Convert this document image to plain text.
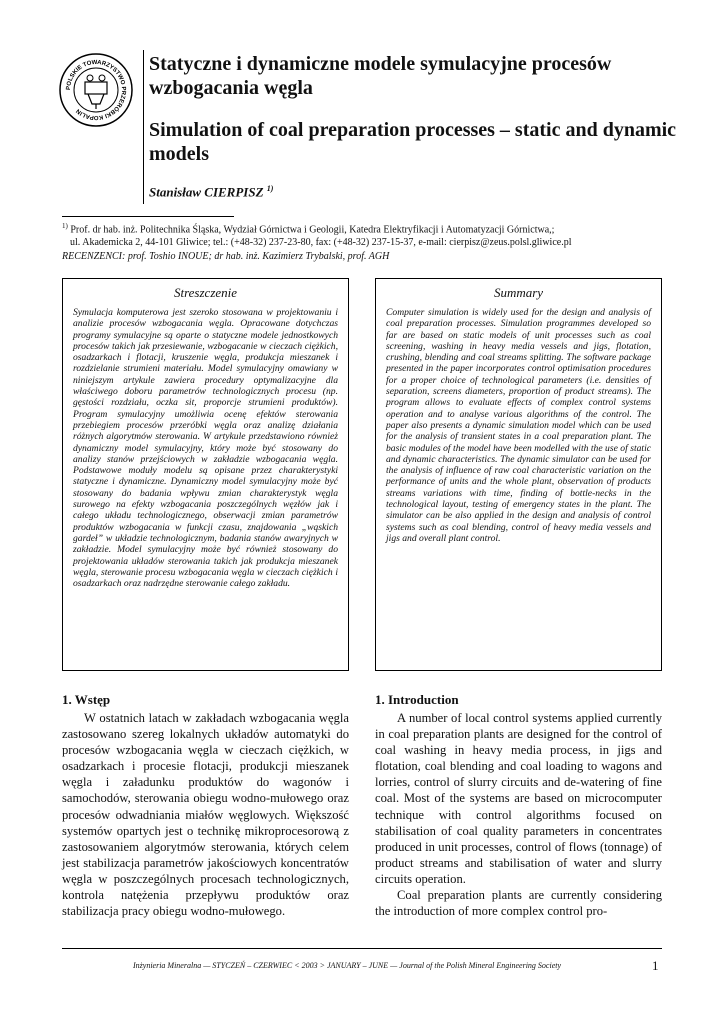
POLSKIE TOWARZYSTWO PRZERÓBKI KOPALIN
Statyczne i dynamiczne modele symulacyjne procesów wzbogacania węgla
Simulation of coal preparation processes – static and dynamic models
Stanisław CIERPISZ $^{1)}$
$^{1)}$ Prof. dr hab. inż. Politechnika Śląska, Wydział Górnictwa i Geologii, Katedra Elektryfikacji i Automatyzacji Górnictwa,;
ul. Akademicka 2, 44-101 Gliwice; tel.: (+48-32) 237-23-80, fax: (+48-32) 237-15-37, e-mail: cierpisz@zeus.polsl.gliwice.pl
RECENZENCI: prof. Toshio INOUE; dr hab. inż. Kazimierz Trybalski, prof. AGH
Streszczenie

Symulacja komputerowa jest szeroko stosowana w projektowaniu i analizie procesów wzbogacania węgla. Opracowane dotychczas programy symulacyjne są oparte o statyczne modele jednostkowych procesów takich jak przesiewanie, wzbogacanie w cieczach ciężkich, osadzarkach i flotacji, kruszenie węgla, produkcja mieszanek i rozdzielanie strumieni materiału. Model symulacyjny omawiany w niniejszym artykule zawiera procedury optymalizacyjne dla właściwego doboru parametrów technologicznych procesu (np. gęstości rozdziału, oczka sit, proporcje strumieni produktów). Program symulacyjny umożliwia ocenę efektów sterowania przebiegiem procesów przeróbki węgla oraz analizę działania różnych algorytmów sterowania. W artykule przedstawiono również dynamiczny model symulacyjny, który może być stosowany do analizy stanów przejściowych w zakładzie wzbogacania węgla. Podstawowe moduły modelu są opisane przez charakterystyki statyczne i dynamiczne. Dynamiczny model symulacyjny może być stosowany do badania wpływu zmian charakterystyk węgla surowego na efekty wzbogacania poszczególnych węzłów jak i całego układu technologicznego, obserwacji zmian parametrów produktów wzbogacania w funkcji czasu, znajdowania „wąskich gardeł” w układzie technologicznym, badania stanów awaryjnych w zakładzie. Model symulacyjny może być również stosowany do projektowania układów sterowania takich jak produkcja mieszanek węgla, sterowanie procesu wzbogacania węgla w cieczach ciężkich i osadzarkach oraz nadrzędne sterowanie całego zakładu.

Summary

Computer simulation is widely used for the design and analysis of coal preparation processes. Simulation programmes developed so far are based on static models of unit processes such as coal screening, washing in heavy media vessels and jigs, flotation, crushing, blending and coal streams splitting. The software package presented in the paper incorporates control optimisation procedures for a proper choice of technological parameters (i.e. densities of separation, screens diameters, proportion of product streams). The program allows to evaluate effects of complex control systems operation and to analyse various algorithms of the control. The paper also presents a dynamic simulation model which can be used for the analysis of transient states in a coal preparation plant. The basic modules of the model have been modelled with the use of static and dynamic characteristics. The dynamic simulator can be used for the analysis of influence of raw coal characteristic variation on the performance of units and the whole plant, observation of products streams variations with time, finding of bottle-necks in the technological layout, testing of emergency states in the plant. The simulator can be also applied in the design and analysis of control systems such as coal blending, control of heavy media vessels and jigs and overall plant control.

1. Wstęp

W ostatnich latach w zakładach wzbogacania węgla zastosowano szereg lokalnych układów automatyki do procesów wzbogacania węgla w cieczach ciężkich, w osadzarkach i procesie flotacji, produkcji mieszanek węgla i załadunku produktów do wagonów i samochodów, sterowania obiegu wodno-mułowego oraz procesów odwadniania miałów węglowych. Większość systemów opartych jest o technikę mikroprocesorową z zastosowaniem algorytmów sterowania, których celem jest stabilizacja parametrów jakościowych koncentratów węgla w poszczególnych procesach technologicznych, kontrola natężenia przepływu produktów oraz stabilizacja pracy obiegu wodno-mułowego.

1. Introduction

A number of local control systems applied currently in coal preparation plants are designed for the control of coal washing in heavy media process, in jigs and flotation, coal blending and coal loading to wagons and lorries, control of slurry circuits and de-watering of fine coal. Most of the systems are based on microcomputer technique with control algorithms focused on stabilisation of coal quality parameters in concentrates produced in unit processes, control of flows (tonnage) of product streams and stabilisation of water and slurry circuits operation.

Coal preparation plants are currently considering the introduction of more complex control pro-

Inżynieria Mineralna — STYCZEŃ – CZERWIEC < 2003 > JANUARY – JUNE — Journal of the Polish Mineral Engineering Society	1
